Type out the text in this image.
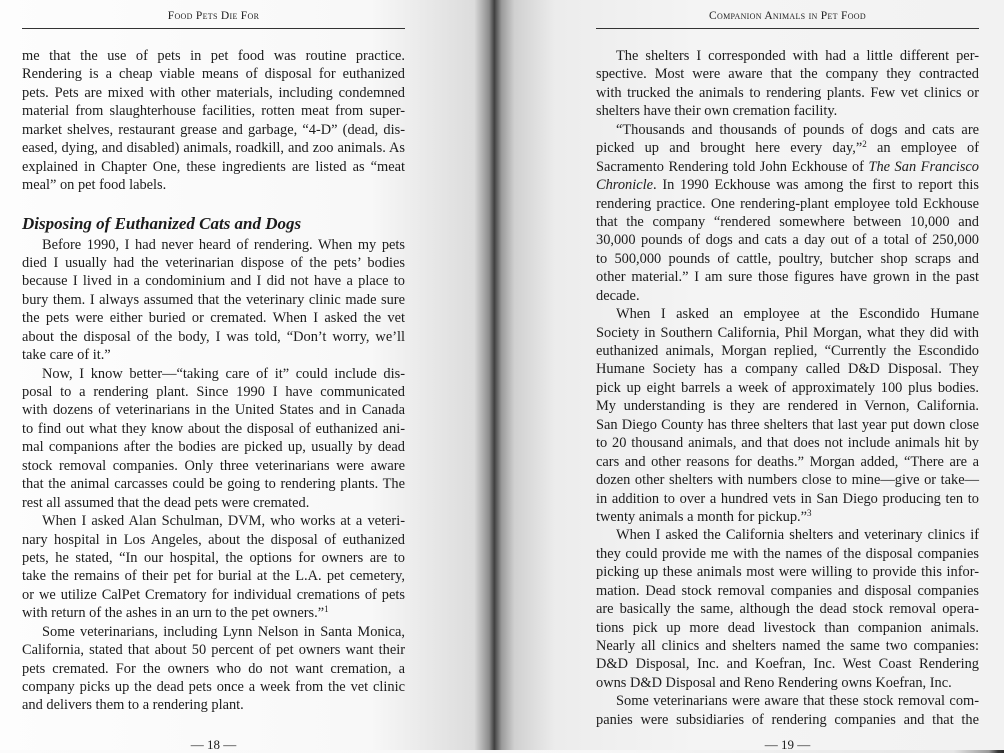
Food Pets Die For
me that the use of pets in pet food was routine practice.
Rendering is a cheap viable means of disposal for euthanized
pets. Pets are mixed with other materials, including condemned
material from slaughterhouse facilities, rotten meat from super-
market shelves, restaurant grease and garbage, “4-D” (dead, dis-
eased, dying, and disabled) animals, roadkill, and zoo animals. As
explained in Chapter One, these ingredients are listed as “meat
meal” on pet food labels.
Disposing of Euthanized Cats and Dogs
Before 1990, I had never heard of rendering. When my pets
died I usually had the veterinarian dispose of the pets’ bodies
because I lived in a condominium and I did not have a place to
bury them. I always assumed that the veterinary clinic made sure
the pets were either buried or cremated. When I asked the vet
about the disposal of the body, I was told, “Don’t worry, we’ll
take care of it.”
Now, I know better—“taking care of it” could include dis-
posal to a rendering plant. Since 1990 I have communicated
with dozens of veterinarians in the United States and in Canada
to find out what they know about the disposal of euthanized ani-
mal companions after the bodies are picked up, usually by dead
stock removal companies. Only three veterinarians were aware
that the animal carcasses could be going to rendering plants. The
rest all assumed that the dead pets were cremated.
When I asked Alan Schulman, DVM, who works at a veteri-
nary hospital in Los Angeles, about the disposal of euthanized
pets, he stated, “In our hospital, the options for owners are to
take the remains of their pet for burial at the L.A. pet cemetery,
or we utilize CalPet Crematory for individual cremations of pets
with return of the ashes in an urn to the pet owners.”$^1$
Some veterinarians, including Lynn Nelson in Santa Monica,
California, stated that about 50 percent of pet owners want their
pets cremated. For the owners who do not want cremation, a
company picks up the dead pets once a week from the vet clinic
and delivers them to a rendering plant.
— 18 —
Companion Animals in Pet Food
The shelters I corresponded with had a little different per-
spective. Most were aware that the company they contracted
with trucked the animals to rendering plants. Few vet clinics or
shelters have their own cremation facility.
“Thousands and thousands of pounds of dogs and cats are
picked up and brought here every day,”$^2$ an employee of
Sacramento Rendering told John Eckhouse of The San Francisco
Chronicle. In 1990 Eckhouse was among the first to report this
rendering practice. One rendering-plant employee told Eckhouse
that the company “rendered somewhere between 10,000 and
30,000 pounds of dogs and cats a day out of a total of 250,000
to 500,000 pounds of cattle, poultry, butcher shop scraps and
other material.” I am sure those figures have grown in the past
decade.
When I asked an employee at the Escondido Humane
Society in Southern California, Phil Morgan, what they did with
euthanized animals, Morgan replied, “Currently the Escondido
Humane Society has a company called D&D Disposal. They
pick up eight barrels a week of approximately 100 plus bodies.
My understanding is they are rendered in Vernon, California.
San Diego County has three shelters that last year put down close
to 20 thousand animals, and that does not include animals hit by
cars and other reasons for deaths.” Morgan added, “There are a
dozen other shelters with numbers close to mine—give or take—
in addition to over a hundred vets in San Diego producing ten to
twenty animals a month for pickup.”$^3$
When I asked the California shelters and veterinary clinics if
they could provide me with the names of the disposal companies
picking up these animals most were willing to provide this infor-
mation. Dead stock removal companies and disposal companies
are basically the same, although the dead stock removal opera-
tions pick up more dead livestock than companion animals.
Nearly all clinics and shelters named the same two companies:
D&D Disposal, Inc. and Koefran, Inc. West Coast Rendering
owns D&D Disposal and Reno Rendering owns Koefran, Inc.
Some veterinarians were aware that these stock removal com-
panies were subsidiaries of rendering companies and that the
— 19 —
